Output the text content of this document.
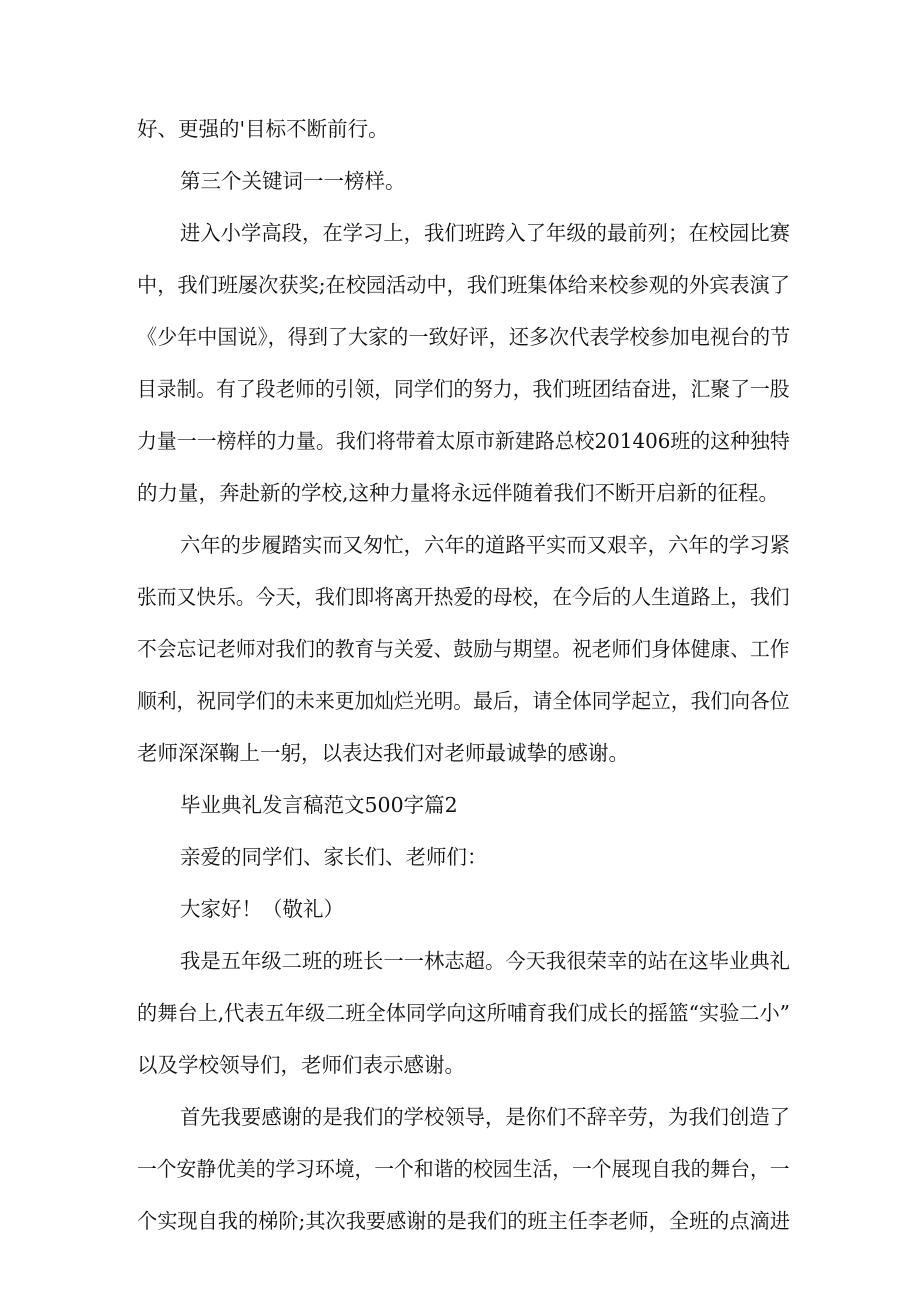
好、更强的'目标不断前行。

第三个关键词一一榜样。

进入小学高段，在学习上，我们班跨入了年级的最前列；在校园比赛

中，我们班屡次获奖;在校园活动中，我们班集体给来校参观的外宾表演了

《少年中国说》，得到了大家的一致好评，还多次代表学校参加电视台的节

目录制。有了段老师的引领，同学们的努力，我们班团结奋进，汇聚了一股

力量一一榜样的力量。我们将带着太原市新建路总校201406班的这种独特

的力量，奔赴新的学校,这种力量将永远伴随着我们不断开启新的征程。

六年的步履踏实而又匆忙，六年的道路平实而又艰辛，六年的学习紧

张而又快乐。今天，我们即将离开热爱的母校，在今后的人生道路上，我们

不会忘记老师对我们的教育与关爱、鼓励与期望。祝老师们身体健康、工作

顺利，祝同学们的未来更加灿烂光明。最后，请全体同学起立，我们向各位

老师深深鞠上一躬，以表达我们对老师最诚挚的感谢。

毕业典礼发言稿范文500字篇2

亲爱的同学们、家长们、老师们：

大家好！（敬礼）

我是五年级二班的班长一一林志超。今天我很荣幸的站在这毕业典礼

的舞台上,代表五年级二班全体同学向这所哺育我们成长的摇篮“实验二小”

以及学校领导们，老师们表示感谢。

首先我要感谢的是我们的学校领导，是你们不辞辛劳，为我们创造了

一个安静优美的学习环境，一个和谐的校园生活，一个展现自我的舞台，一

个实现自我的梯阶;其次我要感谢的是我们的班主任李老师，全班的点滴进
